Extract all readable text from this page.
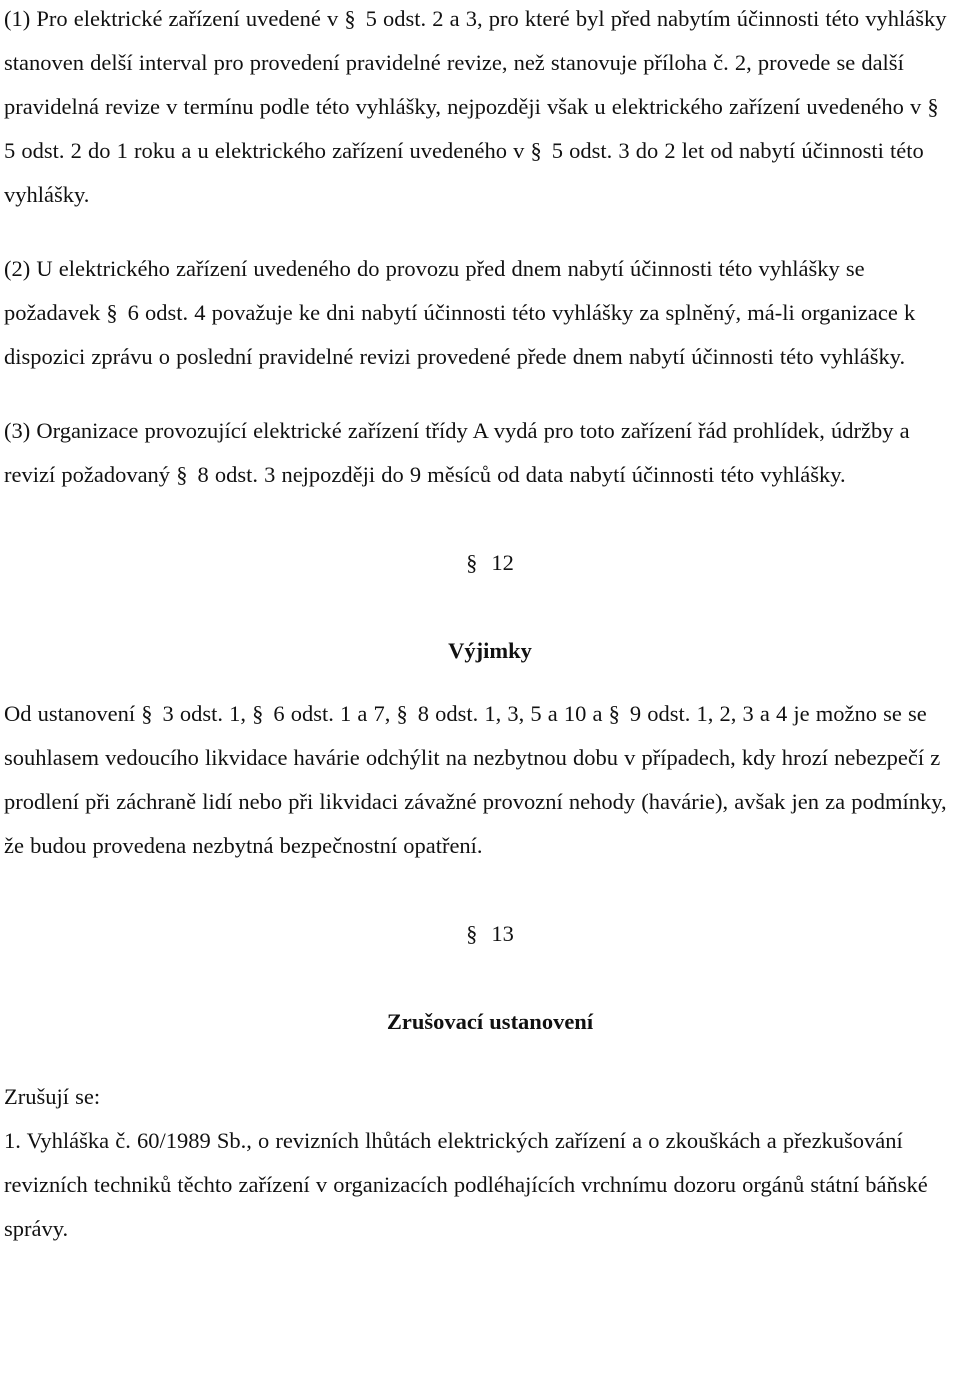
(1) Pro elektrické zařízení uvedené v § 5 odst. 2 a 3, pro které byl před nabytím účinnosti této vyhlášky stanoven delší interval pro provedení pravidelné revize, než stanovuje příloha č. 2, provede se další pravidelná revize v termínu podle této vyhlášky, nejpozději však u elektrického zařízení uvedeného v §5 odst. 2 do 1 roku a u elektrického zařízení uvedeného v § 5 odst. 3 do 2 let od nabytí účinnosti této vyhlášky.

(2) U elektrického zařízení uvedeného do provozu před dnem nabytí účinnosti této vyhlášky se požadavek § 6 odst. 4 považuje ke dni nabytí účinnosti této vyhlášky za splněný, má-li organizace k dispozici zprávu o poslední pravidelné revizi provedené přede dnem nabytí účinnosti této vyhlášky.

(3) Organizace provozující elektrické zařízení třídy A vydá pro toto zařízení řád prohlídek, údržby a revizí požadovaný § 8 odst. 3 nejpozději do 9 měsíců od data nabytí účinnosti této vyhlášky.

§ 12

Výjimky

Od ustanovení § 3 odst. 1, § 6 odst. 1 a 7, § 8 odst. 1, 3, 5 a 10 a § 9 odst. 1, 2, 3 a 4 je možno se se souhlasem vedoucího likvidace havárie odchýlit na nezbytnou dobu v případech, kdy hrozí nebezpečí z prodlení při záchraně lidí nebo při likvidaci závažné provozní nehody (havárie), avšak jen za podmínky, že budou provedena nezbytná bezpečnostní opatření.

§ 13

Zrušovací ustanovení

Zrušují se:

1. Vyhláška č. 60/1989 Sb., o revizních lhůtách elektrických zařízení a o zkouškách a přezkušování revizních techniků těchto zařízení v organizacích podléhajících vrchnímu dozoru orgánů státní báňské správy.
